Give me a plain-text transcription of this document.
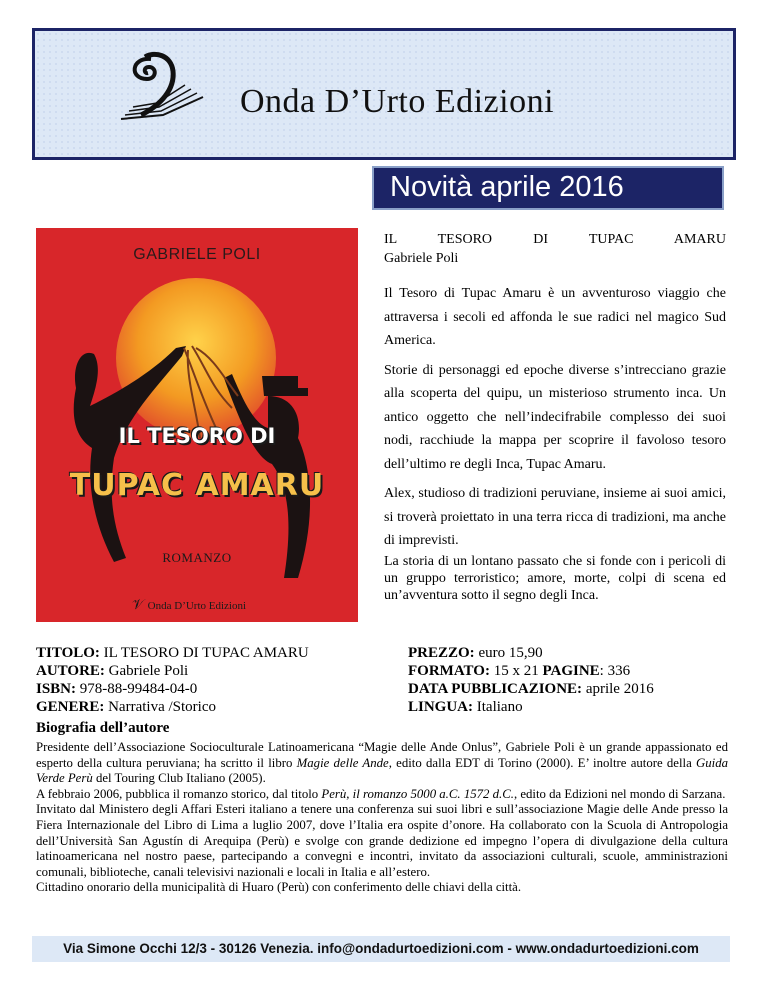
Onda D’Urto Edizioni
Novità aprile 2016
GABRIELE POLI
IL TESORO DI
TUPAC AMARU
ROMANZO
𝒱 Onda D’Urto Edizioni

IL TESORO DI TUPAC AMARU

Gabriele Poli

Il Tesoro di Tupac Amaru è un avventuroso viaggio che attraversa i secoli ed affonda le sue radici nel magico Sud America.

Storie di personaggi ed epoche diverse s’intrecciano grazie alla scoperta del quipu, un misterioso strumento inca. Un antico oggetto che nell’indecifrabile complesso dei suoi nodi, racchiude la mappa per scoprire il favoloso tesoro dell’ultimo re degli Inca, Tupac Amaru.

Alex, studioso di tradizioni peruviane, insieme ai suoi amici, si troverà proiettato in una terra ricca di tradizioni, ma anche di imprevisti.

La storia di un lontano passato che si fonde con i pericoli di un gruppo terroristico; amore, morte, colpi di scena ed un’avventura sotto il segno degli Inca.

TITOLO: IL TESORO DI TUPAC AMARU
AUTORE: Gabriele Poli
ISBN: 978-88-99484-04-0
GENERE: Narrativa /Storico
PREZZO: euro 15,90
FORMATO: 15 x 21 PAGINE: 336
DATA PUBBLICAZIONE: aprile 2016
LINGUA: Italiano
Biografia dell’autore

Presidente dell’Associazione Socioculturale Latinoamericana “Magie delle Ande Onlus”, Gabriele Poli è un grande appassionato ed esperto della cultura peruviana; ha scritto il libro Magie delle Ande, edito dalla EDT di Torino (2000). E’ inoltre autore della Guida Verde Perù del Touring Club Italiano (2005).

A febbraio 2006, pubblica il romanzo storico, dal titolo Perù, il romanzo 5000 a.C. 1572 d.C., edito da Edizioni nel mondo di Sarzana.

Invitato dal Ministero degli Affari Esteri italiano a tenere una conferenza sui suoi libri e sull’associazione Magie delle Ande presso la Fiera Internazionale del Libro di Lima a luglio 2007, dove l’Italia era ospite d’onore. Ha collaborato con la Scuola di Antropologia dell’Università San Agustín di Arequipa (Perù) e svolge con grande dedizione ed impegno l’opera di divulgazione della cultura latinoamericana nel nostro paese, partecipando a convegni e incontri, invitato da associazioni culturali, scuole, amministrazioni comunali, biblioteche, canali televisivi nazionali e locali in Italia e all’estero.

Cittadino onorario della municipalità di Huaro (Perù) con conferimento delle chiavi della città.

Via Simone Occhi 12/3 - 30126 Venezia. info@ondadurtoedizioni.com - www.ondadurtoedizioni.com
